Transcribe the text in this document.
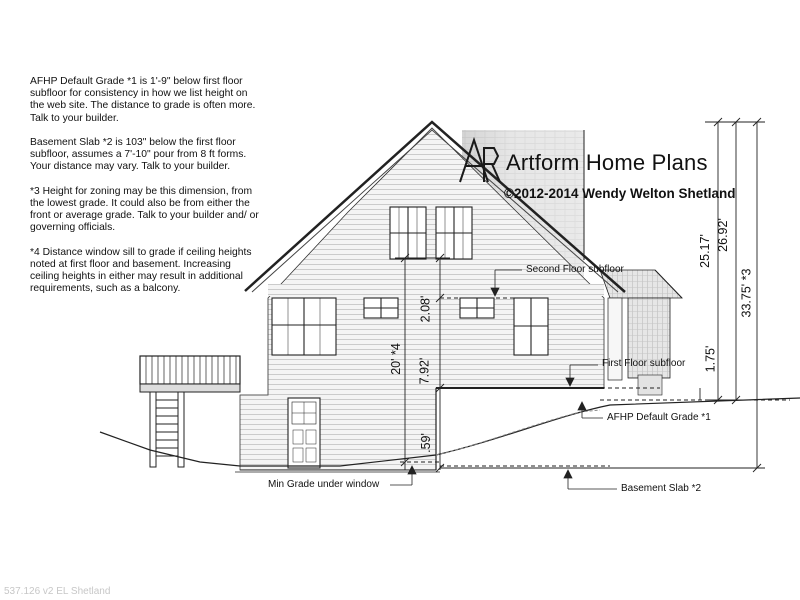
AFHP Default Grade *1 is 1'-9" below first floor subfloor for consistency in how we list height on the web site. The distance to grade is often more. Talk to your builder.

Basement Slab *2 is 103" below the first floor subfloor, assumes a 7'-10" pour from 8 ft forms. Your distance may vary. Talk to your builder.

*3 Height for zoning may be this dimension, from the lowest grade. It could also be from either the front or average grade. Talk to your builder and/ or governing officials.

*4 Distance window sill to grade if ceiling heights noted at first floor and basement. Increasing ceiling heights in either may result in additional requirements, such as a balcony.

Artform Home Plans
©2012-2014 Wendy Welton Shetland
Second Floor subfloor
First Floor subfloor
AFHP Default Grade *1
Min Grade under window	Basement Slab *2
25.17' 26.92'
33.75' *3
20' *4
2.08'
7.92'
.59'
1.75'
537.126 v2 EL Shetland
